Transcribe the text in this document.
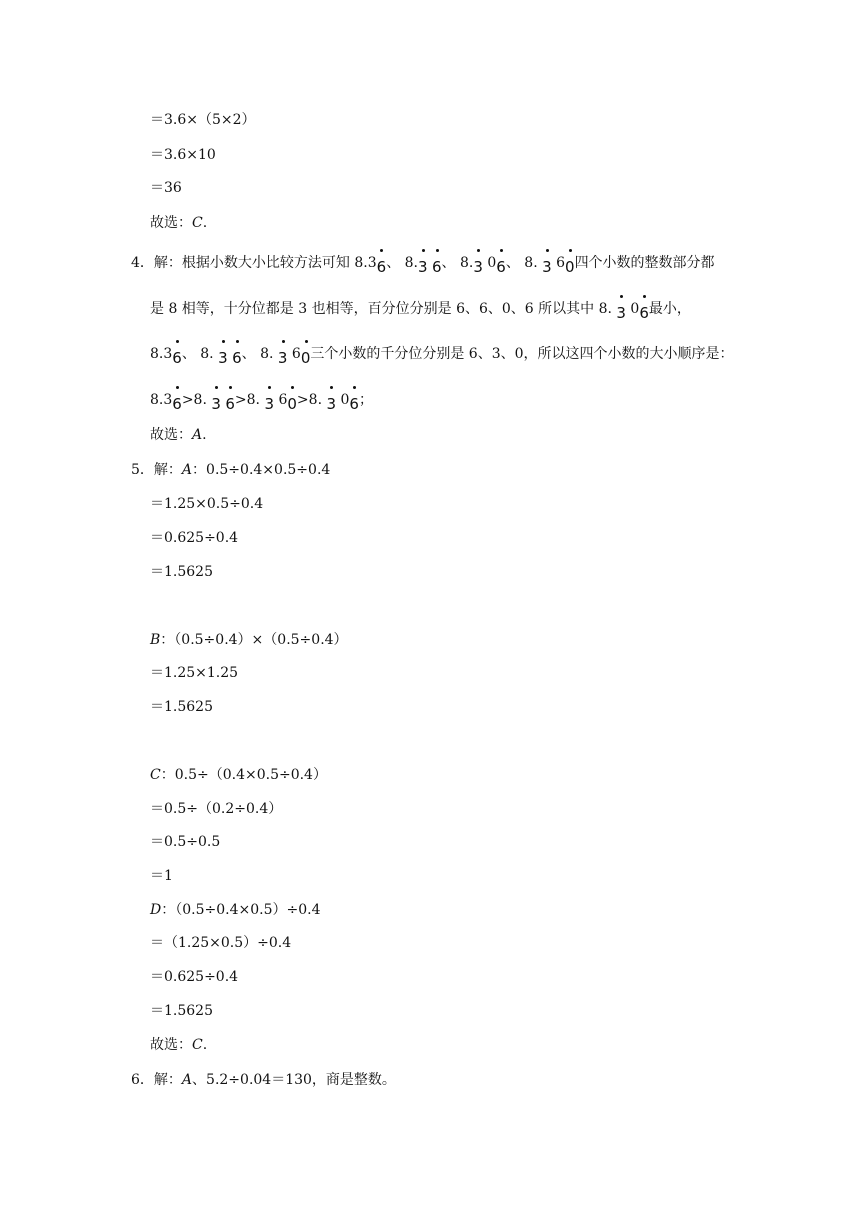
＝3.6×（5×2）
＝3.6×10
＝36
故选：C.
4．解：根据小数大小比较方法可知 8.36、 8.3 6、 8.3 06、 8. 3 60四个小数的整数部分都
是 8 相等，十分位都是 3 也相等，百分位分别是 6、6、0、6 所以其中 8. 3 06最小，
8.36、 8. 3 6、 8. 3 60三个小数的千分位分别是 6、3、0，所以这四个小数的大小顺序是：
8.36>8. 3 6>8. 3 60>8. 3 06；
故选：A.
5．解：A：0.5÷0.4×0.5÷0.4
＝1.25×0.5÷0.4
＝0.625÷0.4
＝1.5625
B：（0.5÷0.4）×（0.5÷0.4）
＝1.25×1.25
＝1.5625
C：0.5÷（0.4×0.5÷0.4）
＝0.5÷（0.2÷0.4）
＝0.5÷0.5
＝1
D：（0.5÷0.4×0.5）÷0.4
＝（1.25×0.5）÷0.4
＝0.625÷0.4
＝1.5625
故选：C.
6．解：A、5.2÷0.04＝130，商是整数。
